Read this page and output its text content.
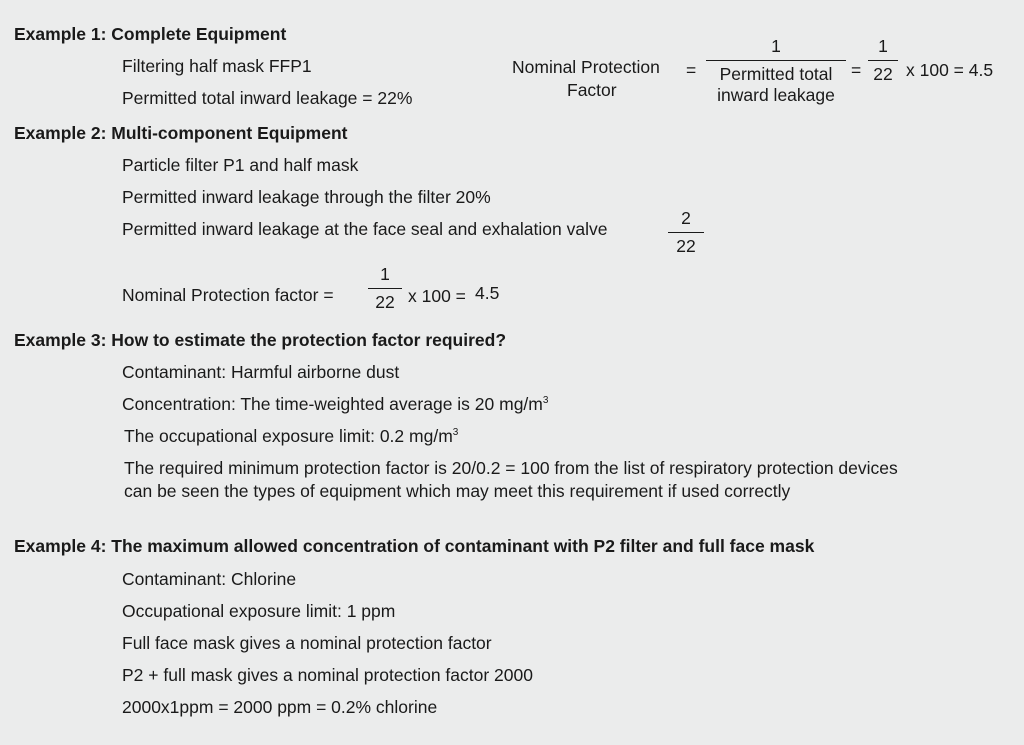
Example 1: Complete Equipment
Filtering half mask FFP1
Permitted total inward leakage = 22%
Nominal Protection
Factor
=
1
Permitted total
inward leakage
=
1
22 x 100 = 4.5
Example 2: Multi-component Equipment
Particle filter P1 and half mask
Permitted inward leakage through the filter 20%
Permitted inward leakage at the face seal and exhalation valve
2
22
Nominal Protection factor =
1
22 x 100 = 4.5
Example 3: How to estimate the protection factor required?
Contaminant: Harmful airborne dust
Concentration: The time-weighted average is 20 $mg/m^3$
The occupational exposure limit: 0.2 $mg/m^3$
The required minimum protection factor is 20/0.2 = 100 from the list of respiratory protection devices
can be seen the types of equipment which may meet this requirement if used correctly
Example 4: The maximum allowed concentration of contaminant with P2 filter and full face mask
Contaminant: Chlorine
Occupational exposure limit: 1 ppm
Full face mask gives a nominal protection factor
P2 + full mask gives a nominal protection factor 2000
2000x1ppm = 2000 ppm = 0.2% chlorine
